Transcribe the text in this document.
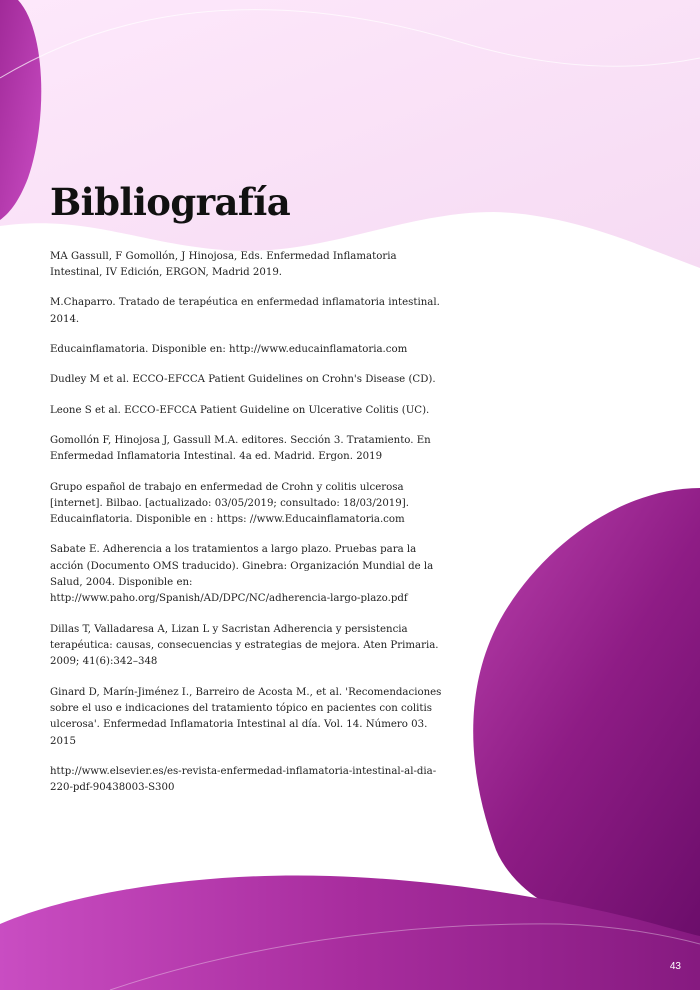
Bibliografía
MA Gassull, F Gomollón, J Hinojosa, Eds. Enfermedad Inflamatoria Intestinal, IV Edición, ERGON, Madrid 2019.
M.Chaparro. Tratado de terapéutica en enfermedad inflamatoria intestinal. 2014.
Educainflamatoria. Disponible en: http://www.educainflamatoria.com
Dudley M et al. ECCO-EFCCA Patient Guidelines on Crohn's Disease (CD).
Leone S et al. ECCO-EFCCA Patient Guideline on Ulcerative Colitis (UC).
Gomollón F, Hinojosa J, Gassull M.A. editores. Sección 3. Tratamiento. En Enfermedad Inflamatoria Intestinal. 4a ed. Madrid. Ergon. 2019
Grupo español de trabajo en enfermedad de Crohn y colitis ulcerosa [internet]. Bilbao. [actualizado: 03/05/2019; consultado: 18/03/2019]. Educainflatoria. Disponible en : https: //www.Educainflamatoria.com
Sabate E. Adherencia a los tratamientos a largo plazo. Pruebas para la acción (Documento OMS traducido). Ginebra: Organización Mundial de la Salud, 2004. Disponible en: http://www.paho.org/Spanish/AD/DPC/NC/adherencia-largo-plazo.pdf
Dillas T, Valladaresa A, Lizan L y Sacristan Adherencia y persistencia terapéutica: causas, consecuencias y estrategias de mejora. Aten Primaria. 2009; 41(6):342–348
Ginard D, Marín-Jiménez I., Barreiro de Acosta M., et al. 'Recomendaciones sobre el uso e indicaciones del tratamiento tópico en pacientes con colitis ulcerosa'. Enfermedad Inflamatoria Intestinal al día. Vol. 14. Número 03. 2015
http://www.elsevier.es/es-revista-enfermedad-inflamatoria-intestinal-al-dia-220-pdf-90438003-S300
43
